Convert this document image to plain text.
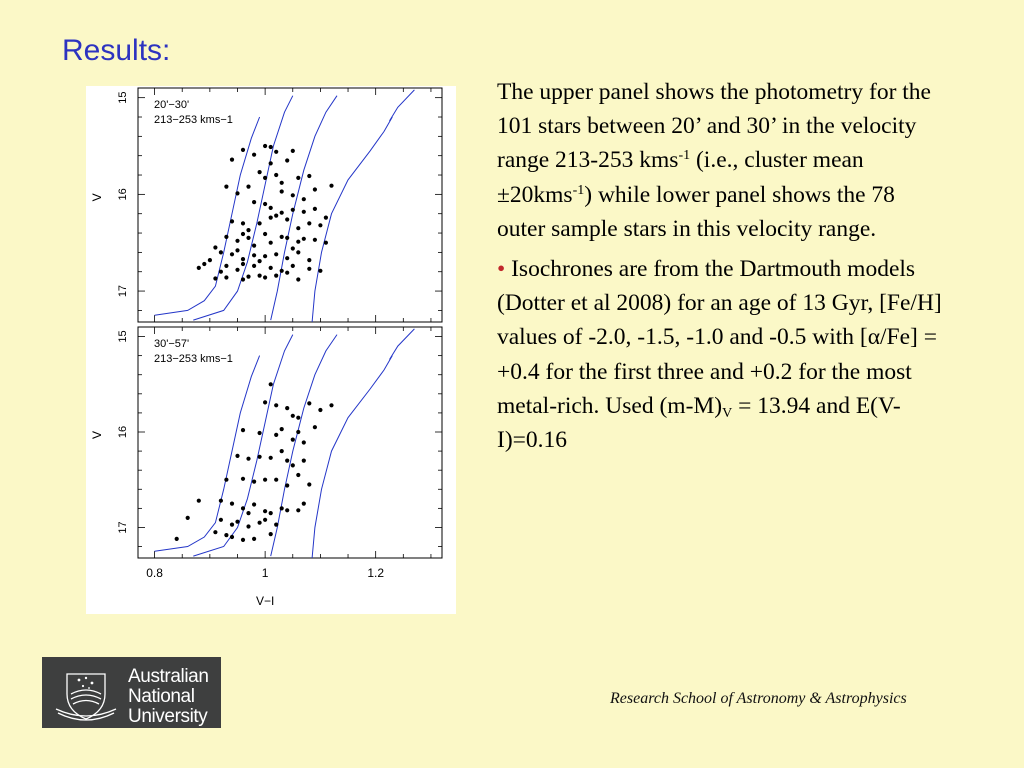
Results:
15
16
17
V
20'−30'
213−253 kms−1
15
16
17
V
30'−57'
213−253 kms−1
0.8	1	1.2
V−I

The upper panel shows the photometry for the 101 stars between 20’ and 30’ in the velocity range 213-253 kms$^{-1}$ (i.e., cluster mean ±20kms$^{-1}$) while lower panel shows the 78 outer sample stars in this velocity range.

• Isochrones are from the Dartmouth models (Dotter et al 2008) for an age of 13 Gyr, [Fe/H] values of -2.0, -1.5, -1.0 and -0.5 with [α/Fe] = +0.4 for the first three and +0.2 for the most metal-rich. Used $(m-M)_V = 13.94$ and E(V-I)=0.16

Australian
National
University
Research School of Astronomy & Astrophysics
